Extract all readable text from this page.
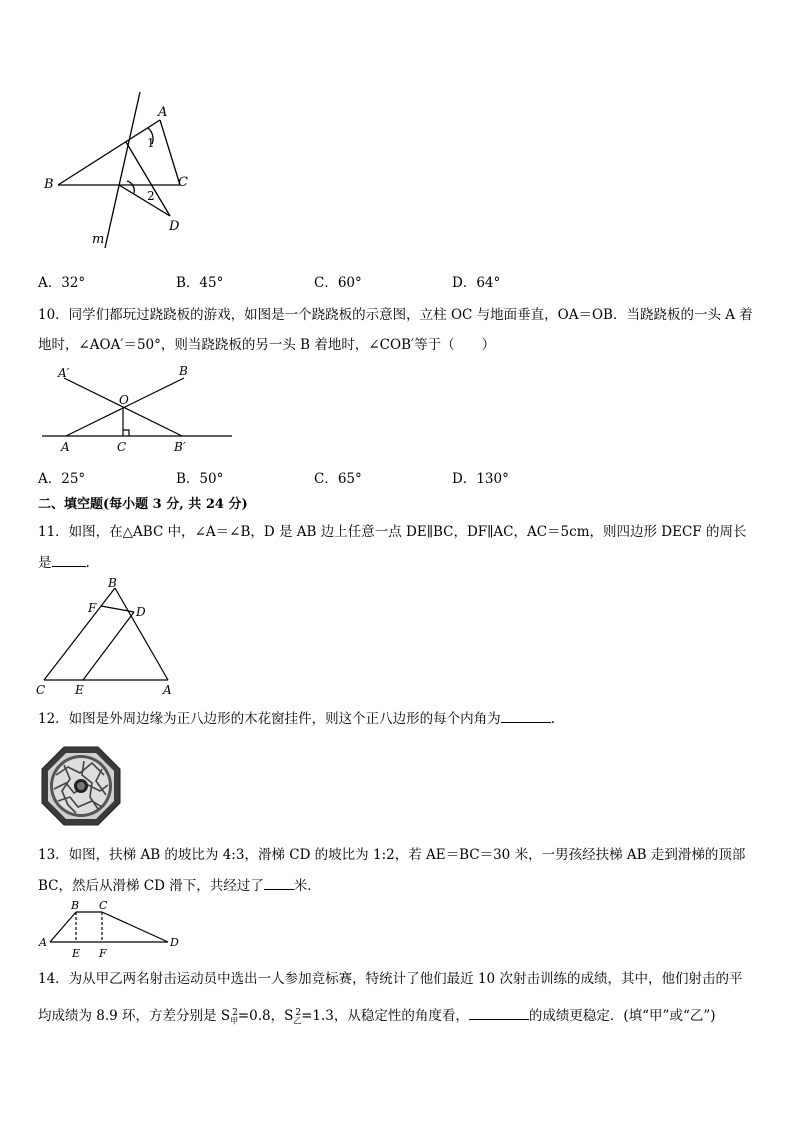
A
B	C
D
m
1
2
A．32°	B．45°	C．60°	D．64°
10．同学们都玩过跷跷板的游戏，如图是一个跷跷板的示意图，立柱 OC 与地面垂直，OA＝OB．当跷跷板的一头 A 着
地时，∠AOA′＝50°，则当跷跷板的另一头 B 着地时，∠COB′等于（　　）
A′	B
O
A	C	B′
A．25°	B．50°	C．65°	D．130°
二、填空题(每小题 3 分, 共 24 分)
11．如图，在△ABC 中，∠A＝∠B，D 是 AB 边上任意一点 DE∥BC，DF∥AC，AC＝5cm，则四边形 DECF 的周长
是	.
B
F	D
C E	A
12．如图是外周边缘为正八边形的木花窗挂件，则这个正八边形的每个内角为	.
13．如图，扶梯 AB 的坡比为 4:3，滑梯 CD 的坡比为 1:2，若 AE＝BC＝30 米，一男孩经扶梯 AB 走到滑梯的顶部
BC，然后从滑梯 CD 滑下，共经过了 米．
A
B C
D
E F
14．为从甲乙两名射击运动员中选出一人参加竞标赛，特统计了他们最近 10 次射击训练的成绩，其中，他们射击的平
均成绩为 8.9 环，方差分别是 $S_甲^2=0.8$，$S_乙^2=1.3$，从稳定性的角度看，	的成绩更稳定．(填“甲”或“乙”)
